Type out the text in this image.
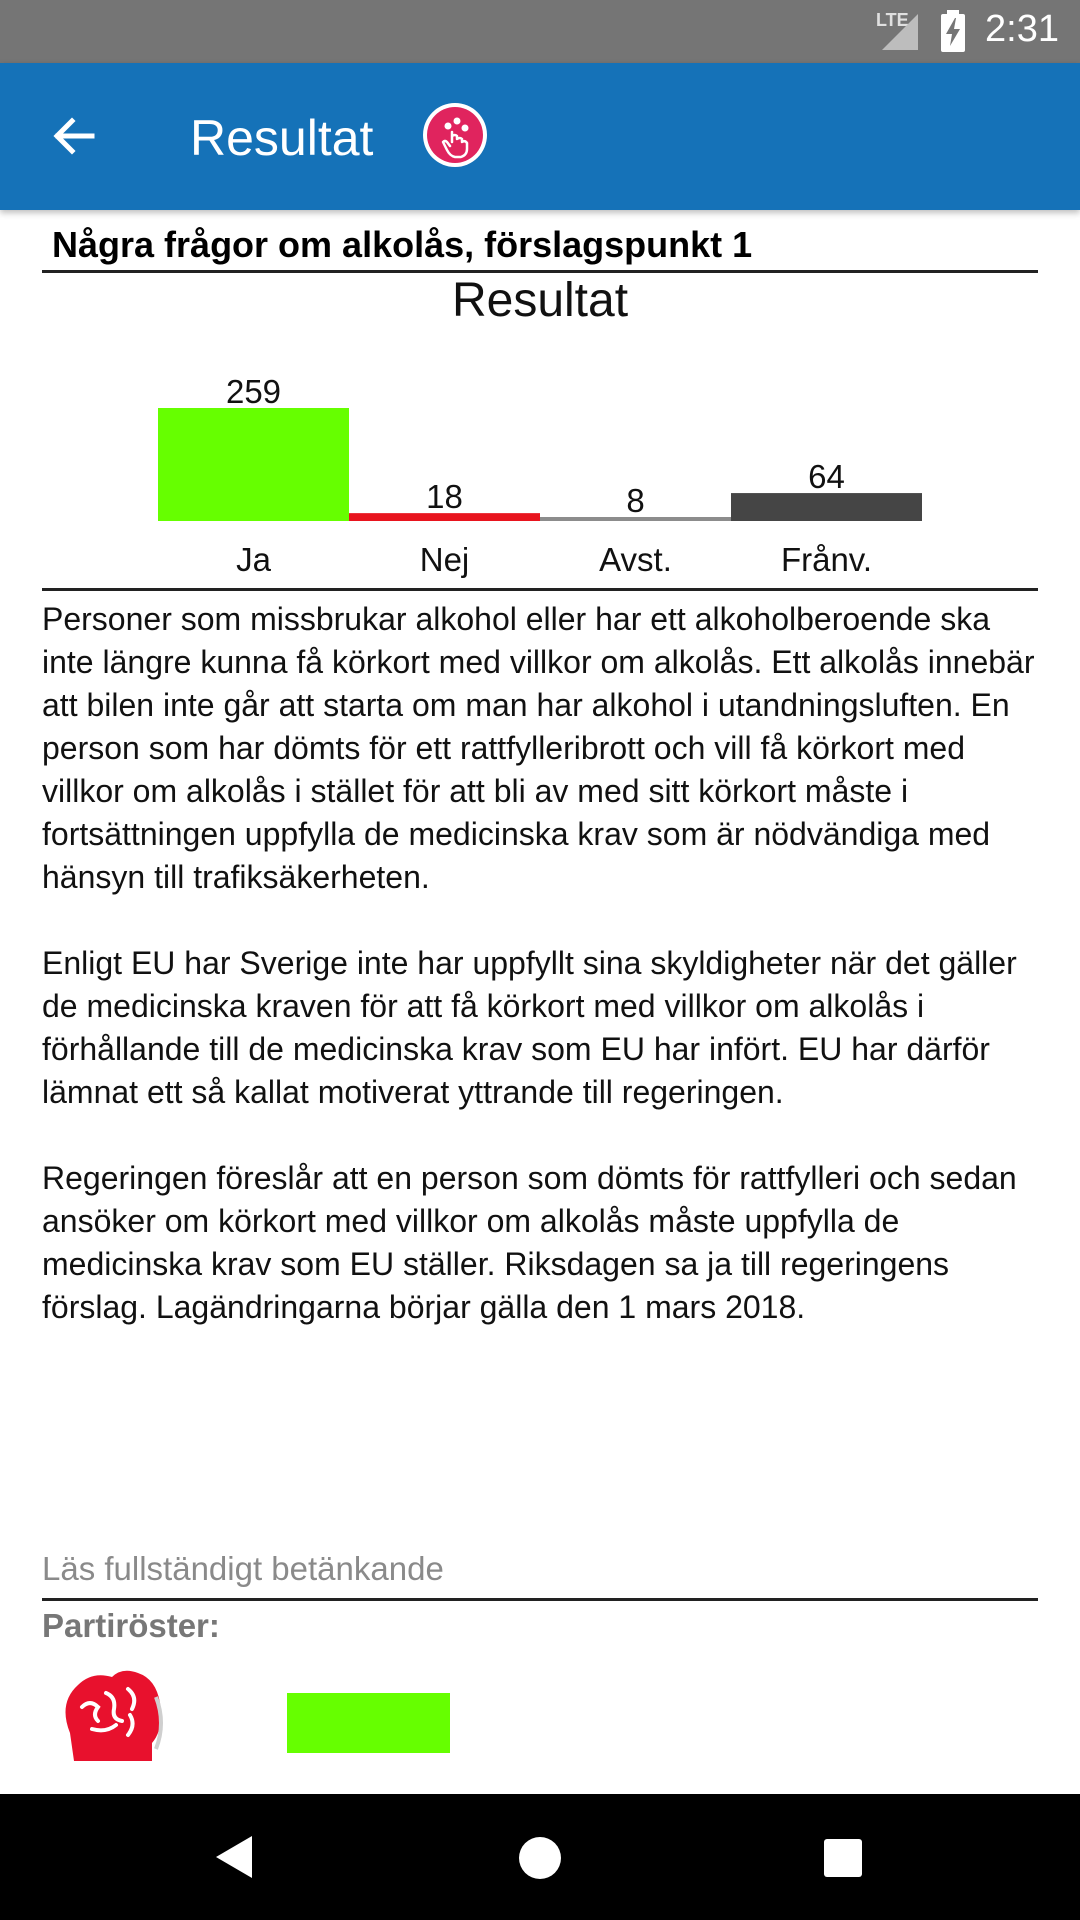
LTE 2:31
Resultat
Några frågor om alkolås, förslagspunkt 1
Resultat
259
18	8
64
Ja	Nej	Avst.	Frånv.

Personer som missbrukar alkohol eller har ett alkoholberoende ska inte längre kunna få körkort med villkor om alkolås. Ett alkolås innebär att bilen inte går att starta om man har alkohol i utandningsluften. En person som har dömts för ett rattfylleribrott och vill få körkort med villkor om alkolås i stället för att bli av med sitt körkort måste i fortsättningen uppfylla de medicinska krav som är nödvändiga med hänsyn till trafiksäkerheten.

Enligt EU har Sverige inte har uppfyllt sina skyldigheter när det gäller de medicinska kraven för att få körkort med villkor om alkolås i förhållande till de medicinska krav som EU har infört. EU har därför lämnat ett så kallat motiverat yttrande till regeringen.

Regeringen föreslår att en person som dömts för rattfylleri och sedan ansöker om körkort med villkor om alkolås måste uppfylla de medicinska krav som EU ställer. Riksdagen sa ja till regeringens förslag. Lagändringarna börjar gälla den 1 mars 2018.

Läs fullständigt betänkande
Partiröster:
